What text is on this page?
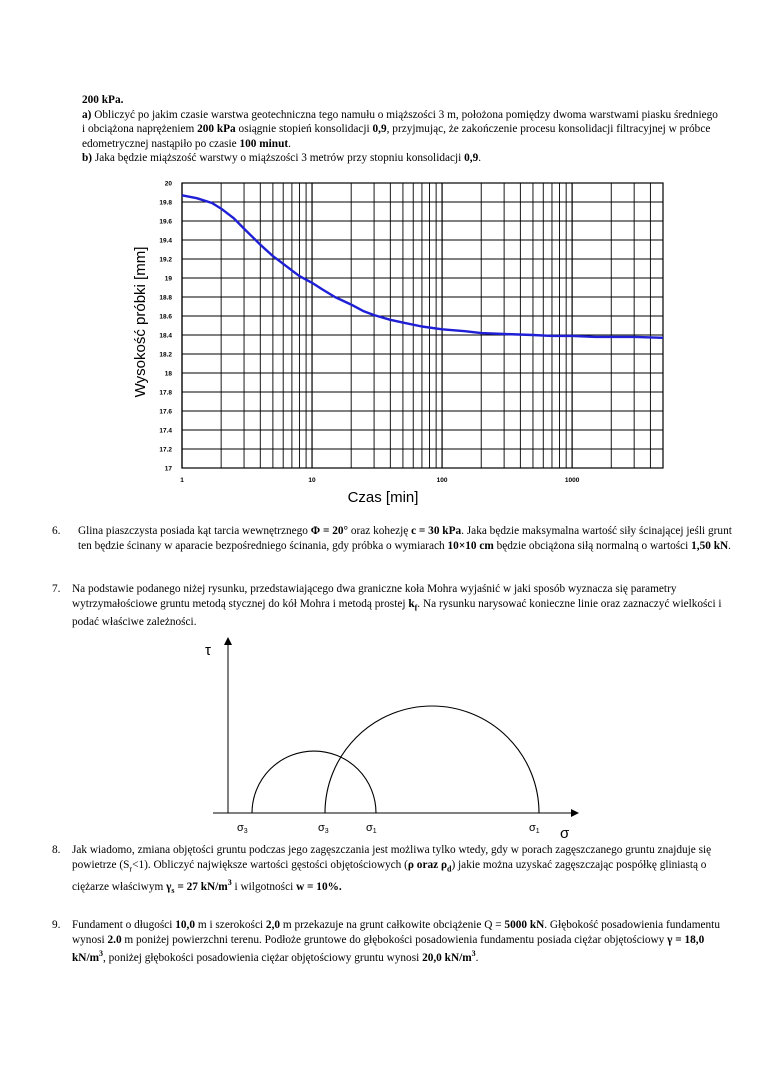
200 kPa.
a) Obliczyć po jakim czasie warstwa geotechniczna tego namułu o miąższości 3 m, położona pomiędzy dwoma warstwami piasku średniego i obciążona naprężeniem 200 kPa osiągnie stopień konsolidacji 0,9, przyjmując, że zakończenie procesu konsolidacji filtracyjnej w próbce edometrycznej nastąpiło po czasie 100 minut.
b) Jaka będzie miąższość warstwy o miąższości 3 metrów przy stopniu konsolidacji 0,9.
20
19.8
19.6
19.4
19.2
19
18.8
18.6
18.4
18.2
18
17.8
17.6
17.4
17.2
17
1	10	100	1000
Wysokość próbki [mm]
Czas [min]
6.	Glina piaszczysta posiada kąt tarcia wewnętrznego Φ = 20° oraz kohezję c = 30 kPa. Jaka będzie maksymalna wartość siły ścinającej jeśli grunt ten będzie ścinany w aparacie bezpośredniego ścinania, gdy próbka o wymiarach 10×10 cm będzie obciążona siłą normalną o wartości 1,50 kN.
7.	Na podstawie podanego niżej rysunku, przedstawiającego dwa graniczne koła Mohra wyjaśnić w jaki sposób wyznacza się parametry wytrzymałościowe gruntu metodą stycznej do kół Mohra i metodą prostej $k_f$. Na rysunku narysować konieczne linie oraz zaznaczyć wielkości i podać właściwe zależności.
τ
σ
σ3	σ3	σ1	σ1
8.	Jak wiadomo, zmiana objętości gruntu podczas jego zagęszczania jest możliwa tylko wtedy, gdy w porach zagęszczanego gruntu znajduje się powietrze $(S_r<1)$. Obliczyć największe wartości gęstości objętościowych (ρ oraz $\rho_d$) jakie można uzyskać zagęszczając pospółkę gliniastą o ciężarze właściwym $\gamma_s = 27$ $kN/m^3$ i wilgotności w = 10%.
9.	Fundament o długości 10,0 m i szerokości 2,0 m przekazuje na grunt całkowite obciążenie Q = 5000 kN. Głębokość posadowienia fundamentu wynosi 2.0 m poniżej powierzchni terenu. Podłoże gruntowe do głębokości posadowienia fundamentu posiada ciężar objętościowy γ = 18,0 $kN/m^3$, poniżej głębokości posadowienia ciężar objętościowy gruntu wynosi 20,0 $kN/m^3$.
